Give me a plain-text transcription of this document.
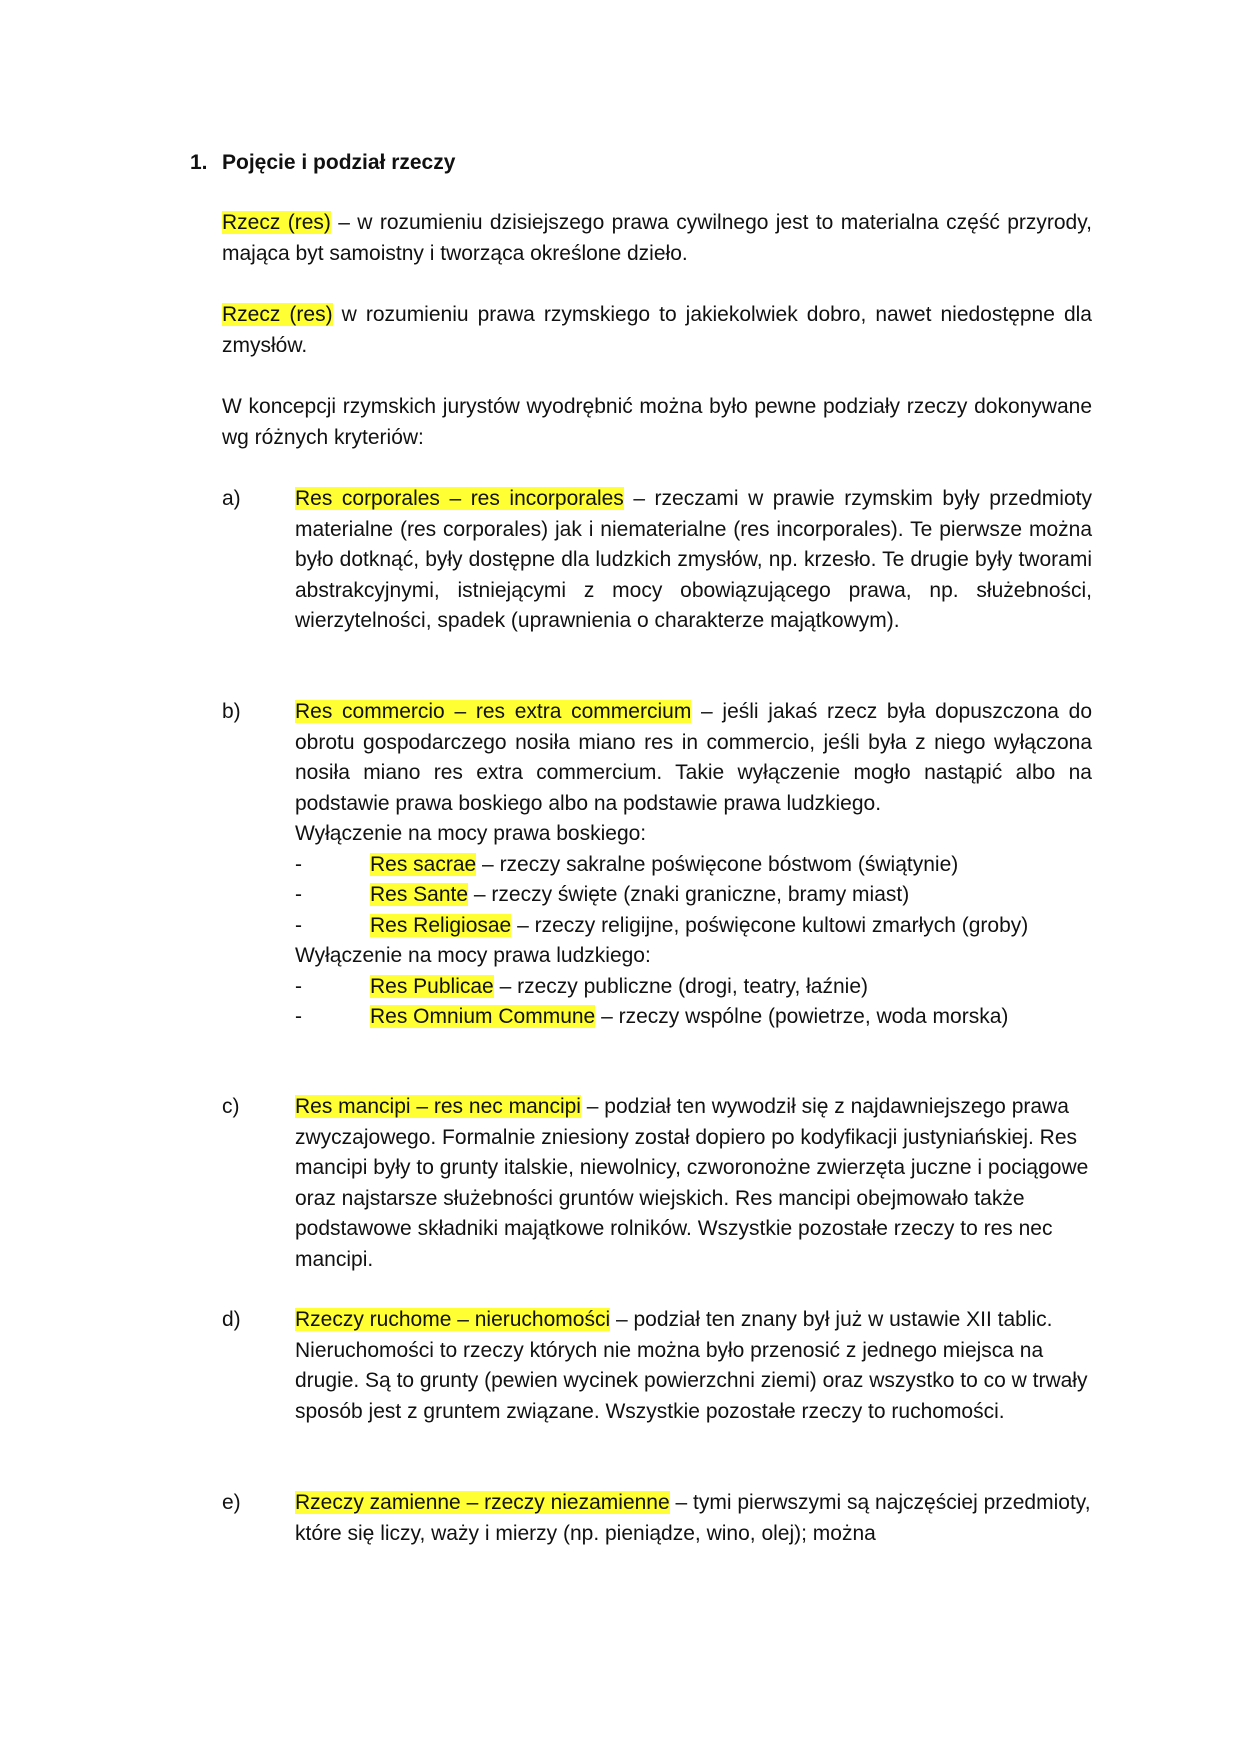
1. Pojęcie i podział rzeczy
Rzecz (res) – w rozumieniu dzisiejszego prawa cywilnego jest to materialna część przyrody, mająca byt samoistny i tworząca określone dzieło.
Rzecz (res) w rozumieniu prawa rzymskiego to jakiekolwiek dobro, nawet niedostępne dla zmysłów.
W koncepcji rzymskich jurystów wyodrębnić można było pewne podziały rzeczy dokonywane wg różnych kryteriów:
a)	Res corporales – res incorporales – rzeczami w prawie rzymskim były przedmioty materialne (res corporales) jak i niematerialne (res incorporales). Te pierwsze można było dotknąć, były dostępne dla ludzkich zmysłów, np. krzesło. Te drugie były tworami abstrakcyjnymi, istniejącymi z mocy obowiązującego prawa, np. służebności, wierzytelności, spadek (uprawnienia o charakterze majątkowym).
b)	Res commercio – res extra commercium – jeśli jakaś rzecz była dopuszczona do obrotu gospodarczego nosiła miano res in commercio, jeśli była z niego wyłączona nosiła miano res extra commercium. Takie wyłączenie mogło nastąpić albo na podstawie prawa boskiego albo na podstawie prawa ludzkiego.
Wyłączenie na mocy prawa boskiego:
-	Res sacrae – rzeczy sakralne poświęcone bóstwom (świątynie)
-	Res Sante – rzeczy święte (znaki graniczne, bramy miast)
-	Res Religiosae – rzeczy religijne, poświęcone kultowi zmarłych (groby)
Wyłączenie na mocy prawa ludzkiego:
-	Res Publicae – rzeczy publiczne (drogi, teatry, łaźnie)
-	Res Omnium Commune – rzeczy wspólne (powietrze, woda morska)
c)	Res mancipi – res nec mancipi – podział ten wywodził się z najdawniejszego prawa zwyczajowego. Formalnie zniesiony został dopiero po kodyfikacji justyniańskiej. Res mancipi były to grunty italskie, niewolnicy, czworonożne zwierzęta juczne i pociągowe oraz najstarsze służebności gruntów wiejskich. Res mancipi obejmowało także podstawowe składniki majątkowe rolników. Wszystkie pozostałe rzeczy to res nec mancipi.
d)	Rzeczy ruchome – nieruchomości – podział ten znany był już w ustawie XII tablic. Nieruchomości to rzeczy których nie można było przenosić z jednego miejsca na drugie. Są to grunty (pewien wycinek powierzchni ziemi) oraz wszystko to co w trwały sposób jest z gruntem związane. Wszystkie pozostałe rzeczy to ruchomości.
e)	Rzeczy zamienne – rzeczy niezamienne – tymi pierwszymi są najczęściej przedmioty, które się liczy, waży i mierzy (np. pieniądze, wino, olej); można
